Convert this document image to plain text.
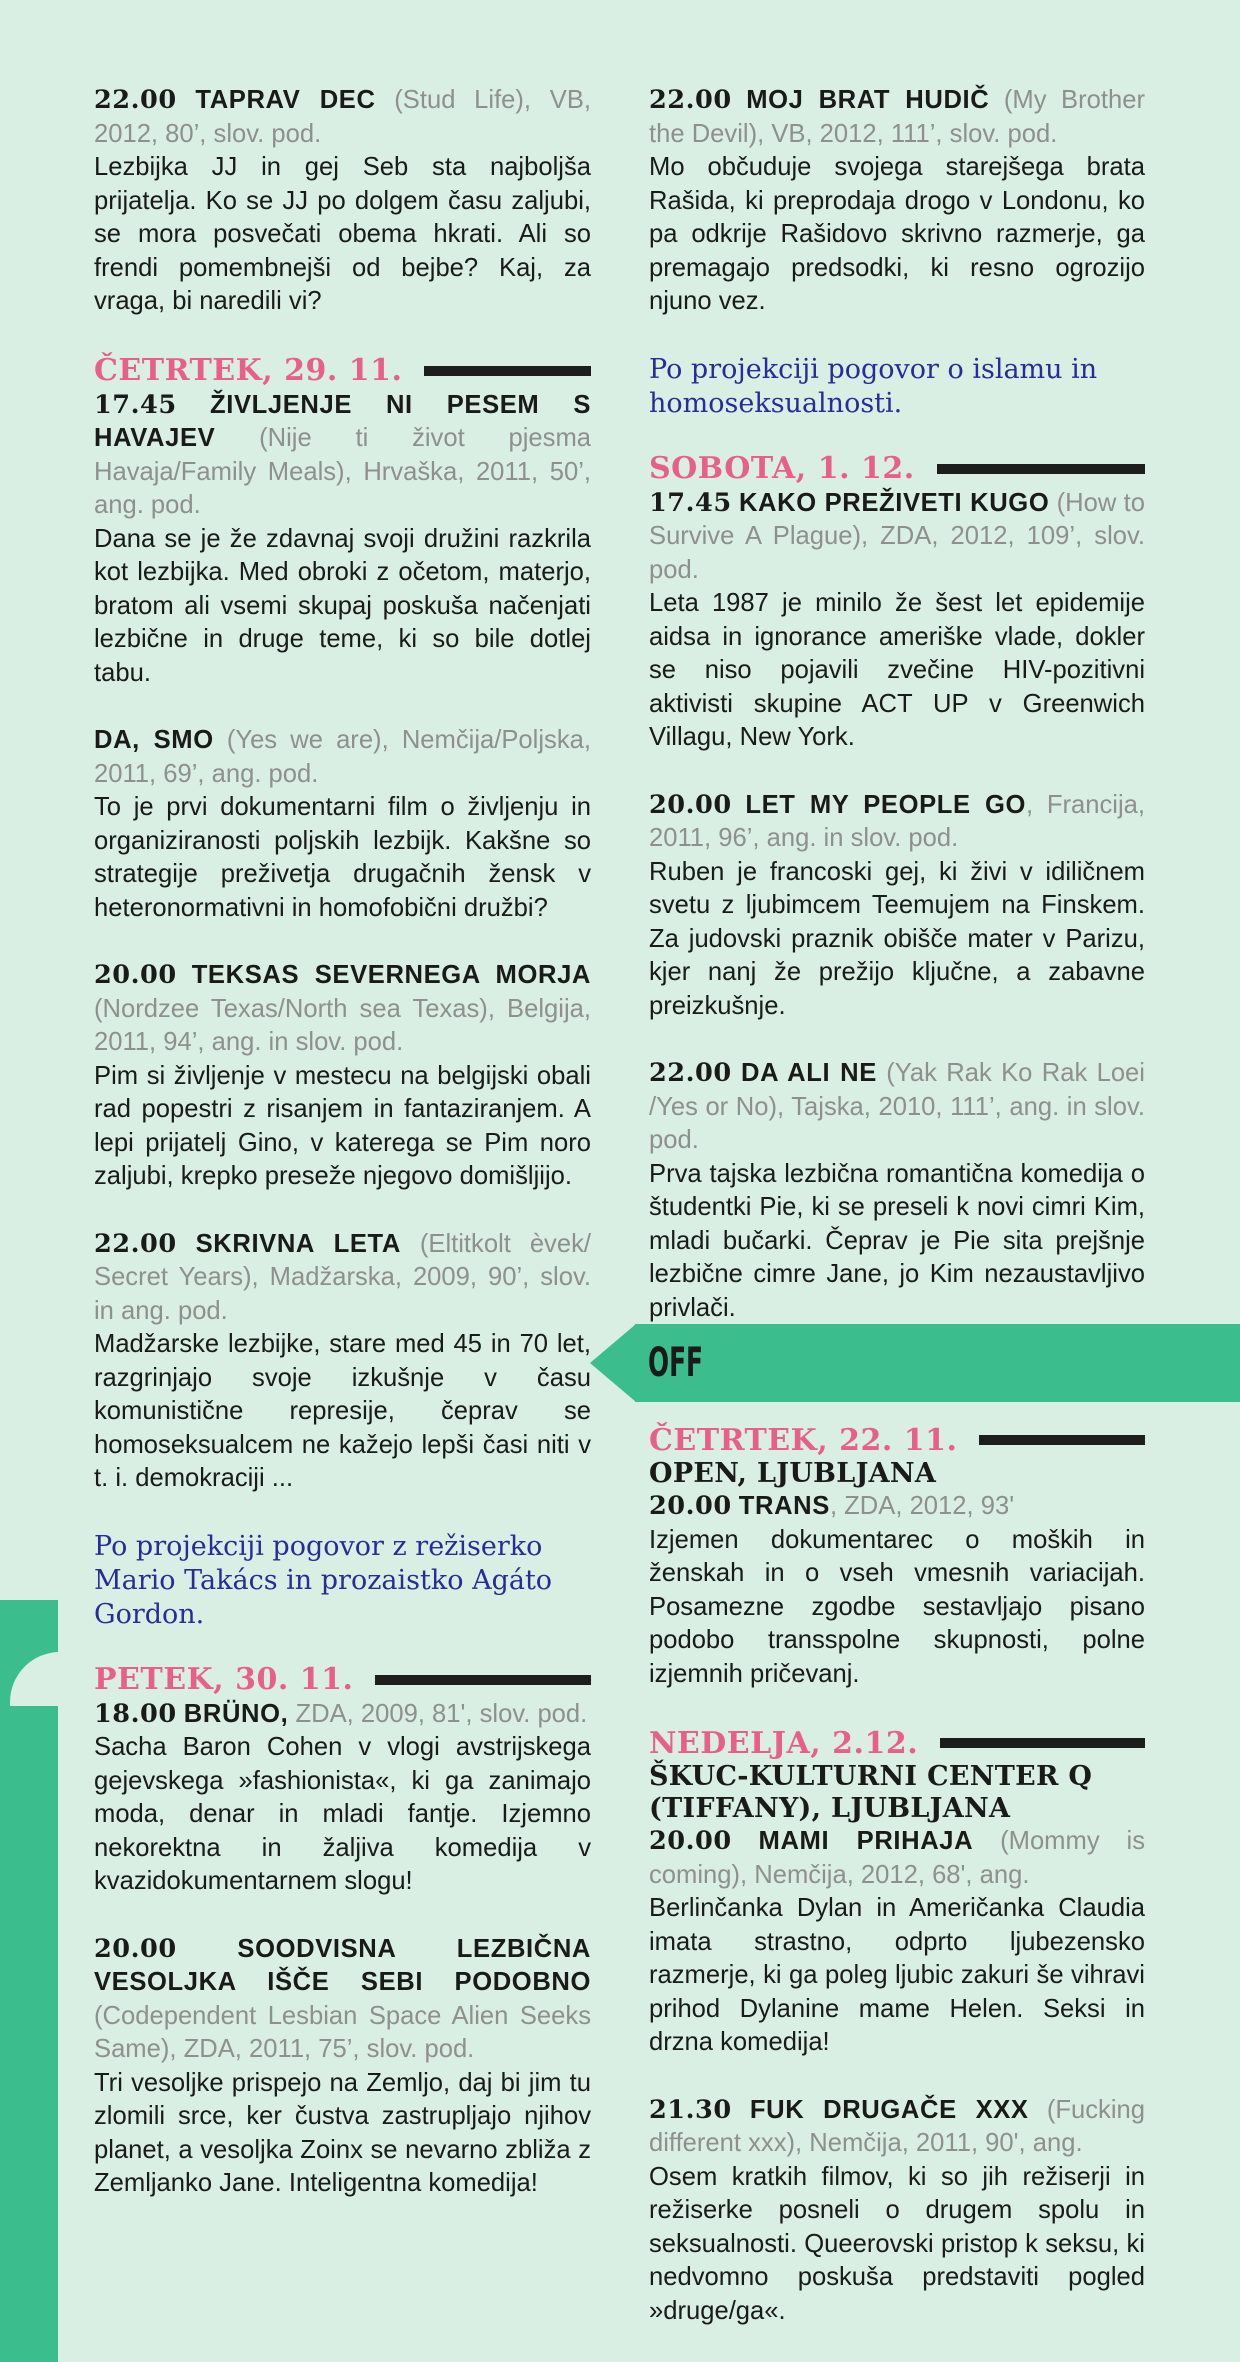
22.00 TAPRAV DEC (Stud Life), VB, 2012, 80’, slov. pod.

Lezbijka JJ in gej Seb sta najboljša prijatelja. Ko se JJ po dolgem času zaljubi, se mora posvečati obema hkrati. Ali so frendi pomembnejši od bejbe? Kaj, za vraga, bi naredili vi?

ČETRTEK, 29. 11.

17.45 ŽIVLJENJE NI PESEM S HAVAJEV (Nije ti život pjesma Havaja/Family Meals), Hrvaška, 2011, 50’, ang. pod.

Dana se je že zdavnaj svoji družini razkrila kot lezbijka. Med obroki z očetom, materjo, bratom ali vsemi skupaj poskuša načenjati lezbične in druge teme, ki so bile dotlej tabu.

DA, SMO (Yes we are), Nemčija/Poljska, 2011, 69’, ang. pod.

To je prvi dokumentarni film o življenju in organiziranosti poljskih lezbijk. Kakšne so strategije preživetja drugačnih žensk v heteronormativni in homofobični družbi?

20.00 TEKSAS SEVERNEGA MORJA (Nordzee Texas/North sea Texas), Belgija, 2011, 94’, ang. in slov. pod.

Pim si življenje v mestecu na belgijski obali rad popestri z risanjem in fantaziranjem. A lepi prijatelj Gino, v katerega se Pim noro zaljubi, krepko preseže njegovo domišljijo.

22.00 SKRIVNA LETA (Eltitkolt èvek/ Secret Years), Madžarska, 2009, 90’, slov. in ang. pod.

Madžarske lezbijke, stare med 45 in 70 let, razgrinjajo svoje izkušnje v času komunistične represije, čeprav se homoseksualcem ne kažejo lepši časi niti v t. i. demokraciji ...

Po projekciji pogovor z režiserko Mario Takács in prozaistko Agáto Gordon.
PETEK, 30. 11.

18.00 BRÜNO, ZDA, 2009, 81', slov. pod.

Sacha Baron Cohen v vlogi avstrijskega gejevskega »fashionista«, ki ga zanimajo moda, denar in mladi fantje. Izjemno nekorektna in žaljiva komedija v kvazidokumentarnem slogu!

20.00 SOODVISNA LEZBIČNA VESOLJKA IŠČE SEBI PODOBNO (Codependent Lesbian Space Alien Seeks Same), ZDA, 2011, 75’, slov. pod.

Tri vesoljke prispejo na Zemljo, daj bi jim tu zlomili srce, ker čustva zastrupljajo njihov planet, a vesoljka Zoinx se nevarno zbliža z Zemljanko Jane. Inteligentna komedija!

22.00 MOJ BRAT HUDIČ (My Brother the Devil), VB, 2012, 111’, slov. pod.

Mo občuduje svojega starejšega brata Rašida, ki preprodaja drogo v Londonu, ko pa odkrije Rašidovo skrivno razmerje, ga premagajo predsodki, ki resno ogrozijo njuno vez.

Po projekciji pogovor o islamu in homoseksualnosti.
SOBOTA, 1. 12.

17.45 KAKO PREŽIVETI KUGO (How to Survive A Plague), ZDA, 2012, 109’, slov. pod.

Leta 1987 je minilo že šest let epidemije aidsa in ignorance ameriške vlade, dokler se niso pojavili zvečine HIV-pozitivni aktivisti skupine ACT UP v Greenwich Villagu, New York.

20.00 LET MY PEOPLE GO, Francija, 2011, 96’, ang. in slov. pod.

Ruben je francoski gej, ki živi v idiličnem svetu z ljubimcem Teemujem na Finskem. Za judovski praznik obišče mater v Parizu, kjer nanj že prežijo ključne, a zabavne preizkušnje.

22.00 DA ALI NE (Yak Rak Ko Rak Loei /Yes or No), Tajska, 2010, 111’, ang. in slov. pod.

Prva tajska lezbična romantična komedija o študentki Pie, ki se preseli k novi cimri Kim, mladi bučarki. Čeprav je Pie sita prejšnje lezbične cimre Jane, jo Kim nezaustavljivo privlači.

OFF
ČETRTEK, 22. 11.
OPEN, LJUBLJANA

20.00 TRANS, ZDA, 2012, 93'

Izjemen dokumentarec o moških in ženskah in o vseh vmesnih variacijah. Posamezne zgodbe sestavljajo pisano podobo transspolne skupnosti, polne izjemnih pričevanj.

NEDELJA, 2.12.
ŠKUC-KULTURNI CENTER Q (TIFFANY), LJUBLJANA

20.00 MAMI PRIHAJA (Mommy is coming), Nemčija, 2012, 68', ang.

Berlinčanka Dylan in Američanka Claudia imata strastno, odprto ljubezensko razmerje, ki ga poleg ljubic zakuri še vihravi prihod Dylanine mame Helen. Seksi in drzna komedija!

21.30 FUK DRUGAČE XXX (Fucking different xxx), Nemčija, 2011, 90', ang.

Osem kratkih filmov, ki so jih režiserji in režiserke posneli o drugem spolu in seksualnosti. Queerovski pristop k seksu, ki nedvomno poskuša predstaviti pogled »druge/ga«.
